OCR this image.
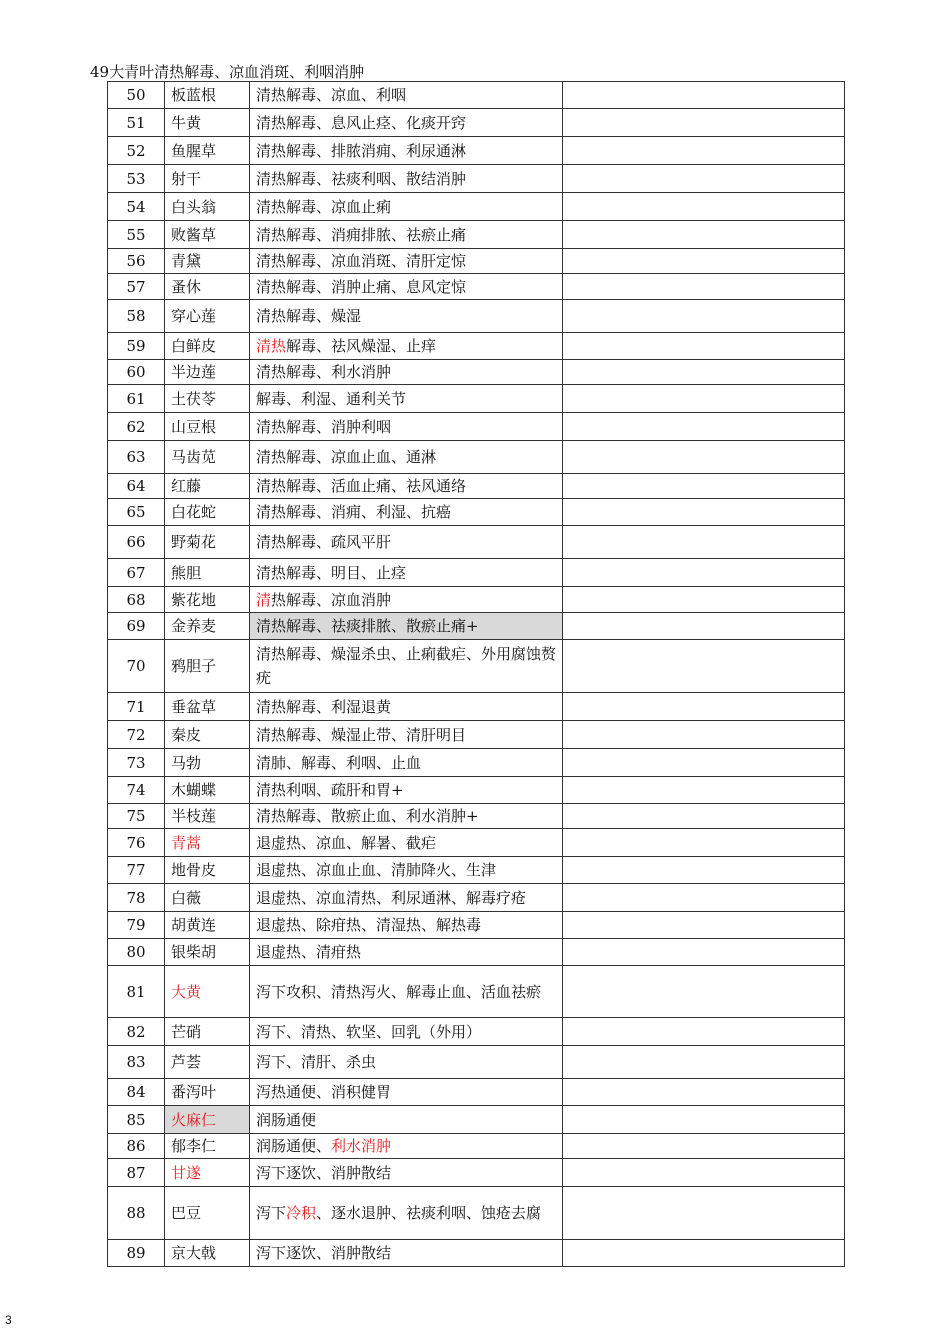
49大青叶清热解毒、凉血消斑、利咽消肿
50	板蓝根	清热解毒、凉血、利咽	
51	牛黄	清热解毒、息风止痉、化痰开窍	
52	鱼腥草	清热解毒、排脓消痈、利尿通淋	
53	射干	清热解毒、祛痰利咽、散结消肿	
54	白头翁	清热解毒、凉血止痢	
55	败酱草	清热解毒、消痈排脓、祛瘀止痛	
56	青黛	清热解毒、凉血消斑、清肝定惊	
57	蚤休	清热解毒、消肿止痛、息风定惊	
58	穿心莲	清热解毒、燥湿	
59	白鲜皮	清热解毒、祛风燥湿、止痒	
60	半边莲	清热解毒、利水消肿	
61	土茯苓	解毒、利湿、通利关节	
62	山豆根	清热解毒、消肿利咽	
63	马齿苋	清热解毒、凉血止血、通淋	
64	红藤	清热解毒、活血止痛、祛风通络	
65	白花蛇	清热解毒、消痈、利湿、抗癌	
66	野菊花	清热解毒、疏风平肝	
67	熊胆	清热解毒、明目、止痉	
68	紫花地	清热解毒、凉血消肿	
69	金养麦	清热解毒、祛痰排脓、散瘀止痛+	
70	鸦胆子	清热解毒、燥湿杀虫、止痢截疟、外用腐蚀赘疣	
71	垂盆草	清热解毒、利湿退黄	
72	秦皮	清热解毒、燥湿止带、清肝明目	
73	马勃	清肺、解毒、利咽、止血	
74	木蝴蝶	清热利咽、疏肝和胃+	
75	半枝莲	清热解毒、散瘀止血、利水消肿+	
76	青蒿	退虚热、凉血、解暑、截疟	
77	地骨皮	退虚热、凉血止血、清肺降火、生津	
78	白薇	退虚热、凉血清热、利尿通淋、解毒疗疮	

79	胡黄连	退虚热、除疳热、清湿热、解热毒	
80	银柴胡	退虚热、清疳热	
81	大黄	泻下攻积、清热泻火、解毒止血、活血祛瘀	
82	芒硝	泻下、清热、软坚、回乳（外用）	
83	芦荟	泻下、清肝、杀虫	
84	番泻叶	泻热通便、消积健胃	
85	火麻仁	润肠通便	
86	郁李仁	润肠通便、利水消肿	
87	甘遂	泻下逐饮、消肿散结	
88	巴豆	泻下冷积、逐水退肿、祛痰利咽、蚀疮去腐	
89	京大戟	泻下逐饮、消肿散结	
3
